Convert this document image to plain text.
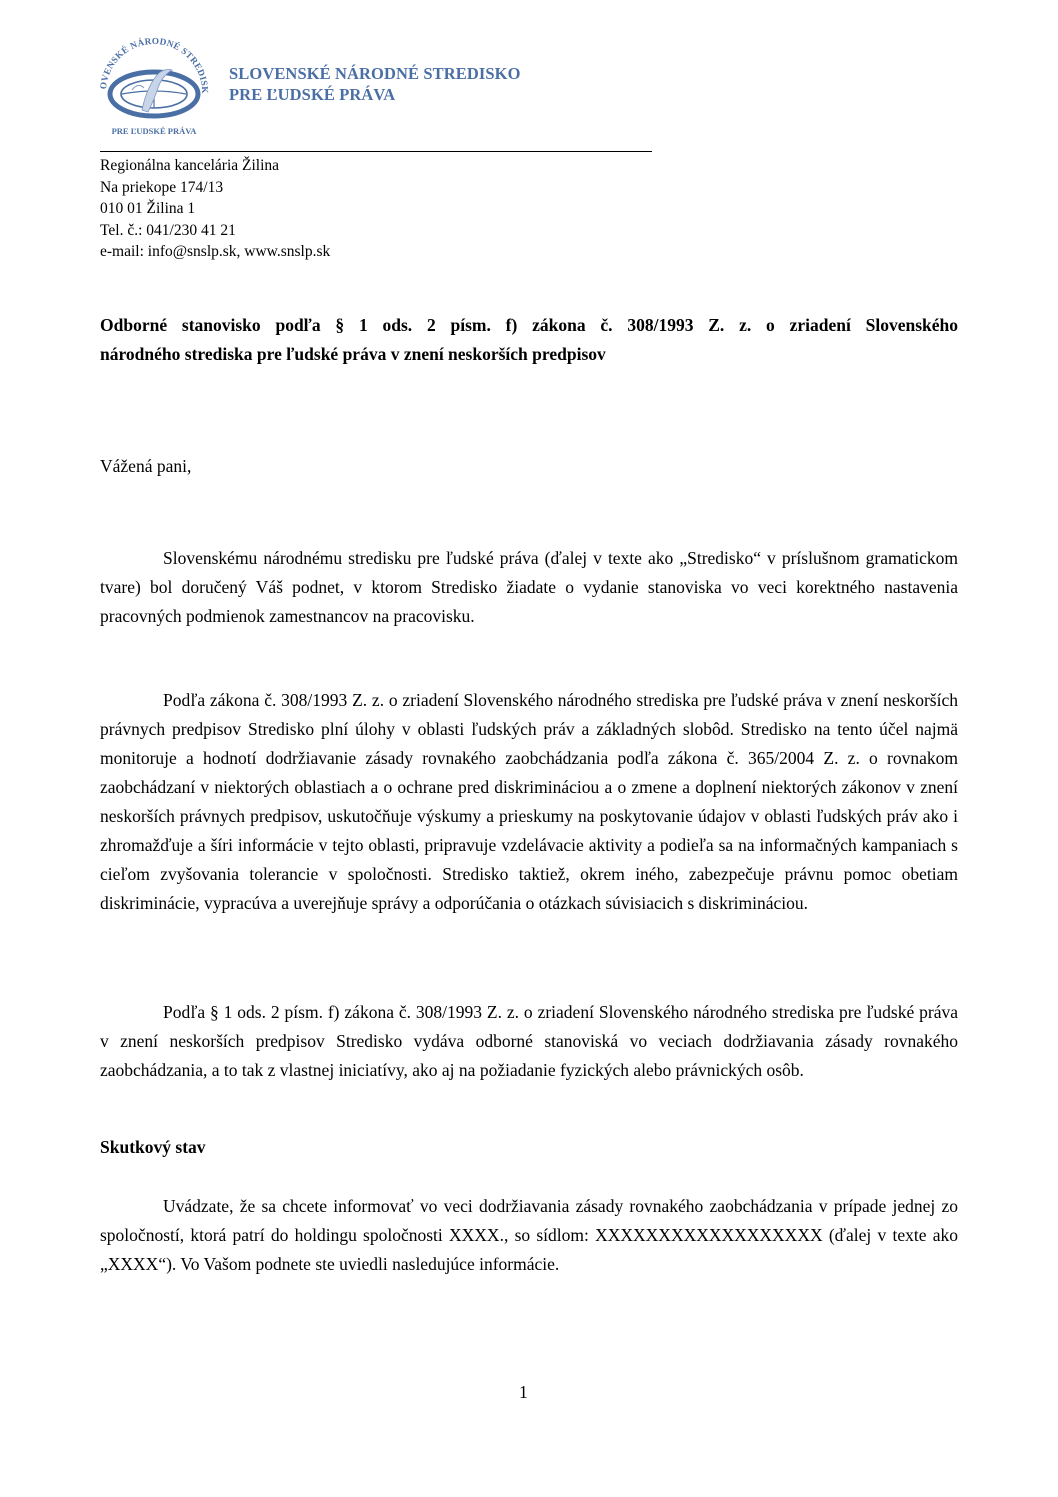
OVENSKÉ NÁRODNÉ STREDISK
PRE ĽUDSKÉ PRÁVA
SLOVENSKÉ NÁRODNÉ STREDISKO
PRE ĽUDSKÉ PRÁVA
Regionálna kancelária Žilina
Na priekope 174/13
010 01 Žilina 1
Tel. č.: 041/230 41 21
e-mail: info@snslp.sk, www.snslp.sk
Odborné stanovisko podľa § 1 ods. 2 písm. f) zákona č. 308/1993 Z. z. o zriadení Slovenského
národného strediska pre ľudské práva v znení neskorších predpisov
Vážená pani,
Slovenskému národnému stredisku pre ľudské práva (ďalej v texte ako „Stredisko“ v príslušnom gramatickom tvare) bol doručený Váš podnet, v ktorom Stredisko žiadate o vydanie stanoviska vo veci korektného nastavenia pracovných podmienok zamestnancov na pracovisku.
Podľa zákona č. 308/1993 Z. z. o zriadení Slovenského národného strediska pre ľudské práva v znení neskorších právnych predpisov Stredisko plní úlohy v oblasti ľudských práv a základných slobôd. Stredisko na tento účel najmä monitoruje a hodnotí dodržiavanie zásady rovnakého zaobchádzania podľa zákona č. 365/2004 Z. z. o rovnakom zaobchádzaní v niektorých oblastiach a o ochrane pred diskrimináciou a o zmene a doplnení niektorých zákonov v znení neskorších právnych predpisov, uskutočňuje výskumy a prieskumy na poskytovanie údajov v oblasti ľudských práv ako i zhromažďuje a šíri informácie v tejto oblasti, pripravuje vzdelávacie aktivity a podieľa sa na informačných kampaniach s cieľom zvyšovania tolerancie v spoločnosti. Stredisko taktiež, okrem iného, zabezpečuje právnu pomoc obetiam diskriminácie, vypracúva a uverejňuje správy a odporúčania o otázkach súvisiacich s diskrimináciou.
Podľa § 1 ods. 2 písm. f) zákona č. 308/1993 Z. z. o zriadení Slovenského národného strediska pre ľudské práva v znení neskorších predpisov Stredisko vydáva odborné stanoviská vo veciach dodržiavania zásady rovnakého zaobchádzania, a to tak z vlastnej iniciatívy, ako aj na požiadanie fyzických alebo právnických osôb.
Skutkový stav
Uvádzate, že sa chcete informovať vo veci dodržiavania zásady rovnakého zaobchádzania v prípade jednej zo spoločností, ktorá patrí do holdingu spoločnosti XXXX., so sídlom: XXXXXXXXXXXXXXXXXX (ďalej v texte ako „XXXX“). Vo Vašom podnete ste uviedli nasledujúce informácie.
1
